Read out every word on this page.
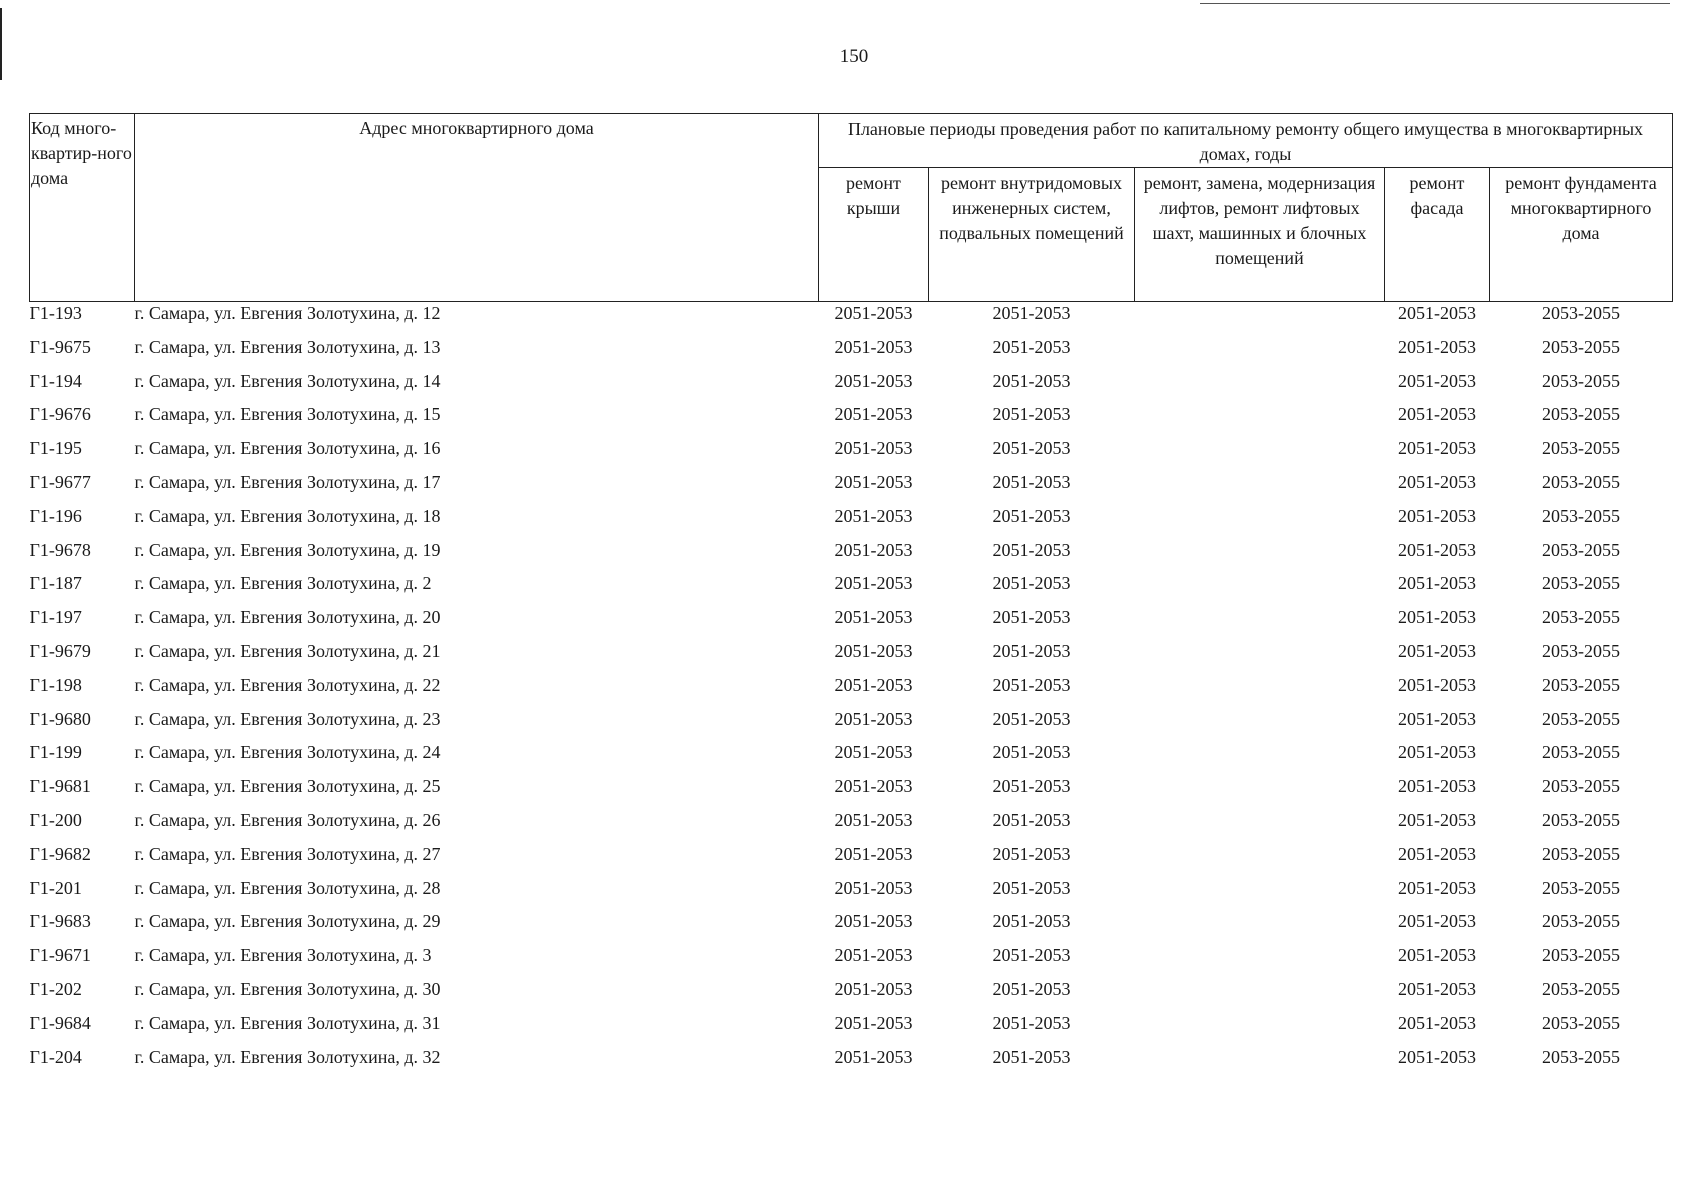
150
Код много-квартир-ного дома	Адрес многоквартирного дома	Плановые периоды проведения работ по капитальному ремонту общего имущества в многоквартирных домах, годы				
		ремонт крыши	ремонт внутридомовых инженерных систем, подвальных помещений	ремонт, замена, модернизация лифтов, ремонт лифтовых шахт, машинных и блочных помещений	ремонт фасада	ремонт фундамента многоквартирного дома
Г1-193	г. Самара, ул. Евгения Золотухина, д. 12	2051-2053	2051-2053		2051-2053	2053-2055
Г1-9675	г. Самара, ул. Евгения Золотухина, д. 13	2051-2053	2051-2053		2051-2053	2053-2055
Г1-194	г. Самара, ул. Евгения Золотухина, д. 14	2051-2053	2051-2053		2051-2053	2053-2055
Г1-9676	г. Самара, ул. Евгения Золотухина, д. 15	2051-2053	2051-2053		2051-2053	2053-2055
Г1-195	г. Самара, ул. Евгения Золотухина, д. 16	2051-2053	2051-2053		2051-2053	2053-2055
Г1-9677	г. Самара, ул. Евгения Золотухина, д. 17	2051-2053	2051-2053		2051-2053	2053-2055
Г1-196	г. Самара, ул. Евгения Золотухина, д. 18	2051-2053	2051-2053		2051-2053	2053-2055
Г1-9678	г. Самара, ул. Евгения Золотухина, д. 19	2051-2053	2051-2053		2051-2053	2053-2055
Г1-187	г. Самара, ул. Евгения Золотухина, д. 2	2051-2053	2051-2053		2051-2053	2053-2055
Г1-197	г. Самара, ул. Евгения Золотухина, д. 20	2051-2053	2051-2053		2051-2053	2053-2055
Г1-9679	г. Самара, ул. Евгения Золотухина, д. 21	2051-2053	2051-2053		2051-2053	2053-2055
Г1-198	г. Самара, ул. Евгения Золотухина, д. 22	2051-2053	2051-2053		2051-2053	2053-2055
Г1-9680	г. Самара, ул. Евгения Золотухина, д. 23	2051-2053	2051-2053		2051-2053	2053-2055
Г1-199	г. Самара, ул. Евгения Золотухина, д. 24	2051-2053	2051-2053		2051-2053	2053-2055
Г1-9681	г. Самара, ул. Евгения Золотухина, д. 25	2051-2053	2051-2053		2051-2053	2053-2055
Г1-200	г. Самара, ул. Евгения Золотухина, д. 26	2051-2053	2051-2053		2051-2053	2053-2055
Г1-9682	г. Самара, ул. Евгения Золотухина, д. 27	2051-2053	2051-2053		2051-2053	2053-2055
Г1-201	г. Самара, ул. Евгения Золотухина, д. 28	2051-2053	2051-2053		2051-2053	2053-2055
Г1-9683	г. Самара, ул. Евгения Золотухина, д. 29	2051-2053	2051-2053		2051-2053	2053-2055
Г1-9671	г. Самара, ул. Евгения Золотухина, д. 3	2051-2053	2051-2053		2051-2053	2053-2055
Г1-202	г. Самара, ул. Евгения Золотухина, д. 30	2051-2053	2051-2053		2051-2053	2053-2055
Г1-9684	г. Самара, ул. Евгения Золотухина, д. 31	2051-2053	2051-2053		2051-2053	2053-2055
Г1-204	г. Самара, ул. Евгения Золотухина, д. 32	2051-2053	2051-2053		2051-2053	2053-2055
